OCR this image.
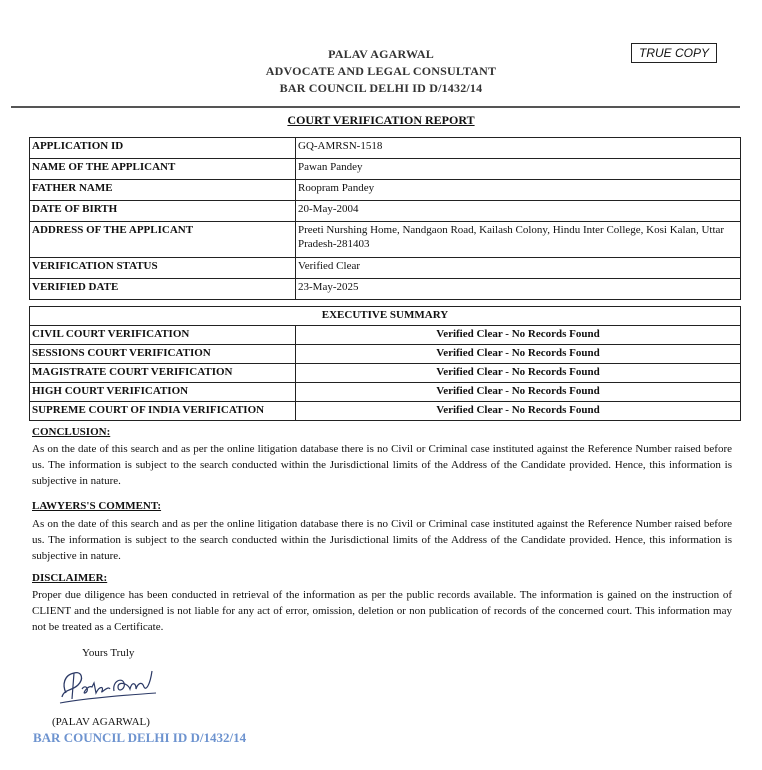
PALAV AGARWAL
ADVOCATE AND LEGAL CONSULTANT
BAR COUNCIL DELHI ID D/1432/14
TRUE COPY
COURT VERIFICATION REPORT
APPLICATION ID	GQ-AMRSN-1518
NAME OF THE APPLICANT	Pawan Pandey
FATHER NAME	Roopram Pandey
DATE OF BIRTH	20-May-2004
ADDRESS OF THE APPLICANT	Preeti Nurshing Home, Nandgaon Road, Kailash Colony, Hindu Inter College, Kosi Kalan, Uttar Pradesh-281403
VERIFICATION STATUS	Verified Clear
VERIFIED DATE	23-May-2025
EXECUTIVE SUMMARY	
CIVIL COURT VERIFICATION	Verified Clear - No Records Found
SESSIONS COURT VERIFICATION	Verified Clear - No Records Found
MAGISTRATE COURT VERIFICATION	Verified Clear - No Records Found
HIGH COURT VERIFICATION	Verified Clear - No Records Found
SUPREME COURT OF INDIA VERIFICATION	Verified Clear - No Records Found
CONCLUSION:
As on the date of this search and as per the online litigation database there is no Civil or Criminal case instituted against the Reference Number raised before us. The information is subject to the search conducted within the Jurisdictional limits of the Address of the Candidate provided. Hence, this information is subjective in nature.
LAWYERS'S COMMENT:
As on the date of this search and as per the online litigation database there is no Civil or Criminal case instituted against the Reference Number raised before us. The information is subject to the search conducted within the Jurisdictional limits of the Address of the Candidate provided. Hence, this information is subjective in nature.
DISCLAIMER:
Proper due diligence has been conducted in retrieval of the information as per the public records available. The information is gained on the instruction of CLIENT and the undersigned is not liable for any act of error, omission, deletion or non publication of records of the concerned court. This information may not be treated as a Certificate.
Yours Truly
(PALAV AGARWAL)
BAR COUNCIL DELHI ID D/1432/14
